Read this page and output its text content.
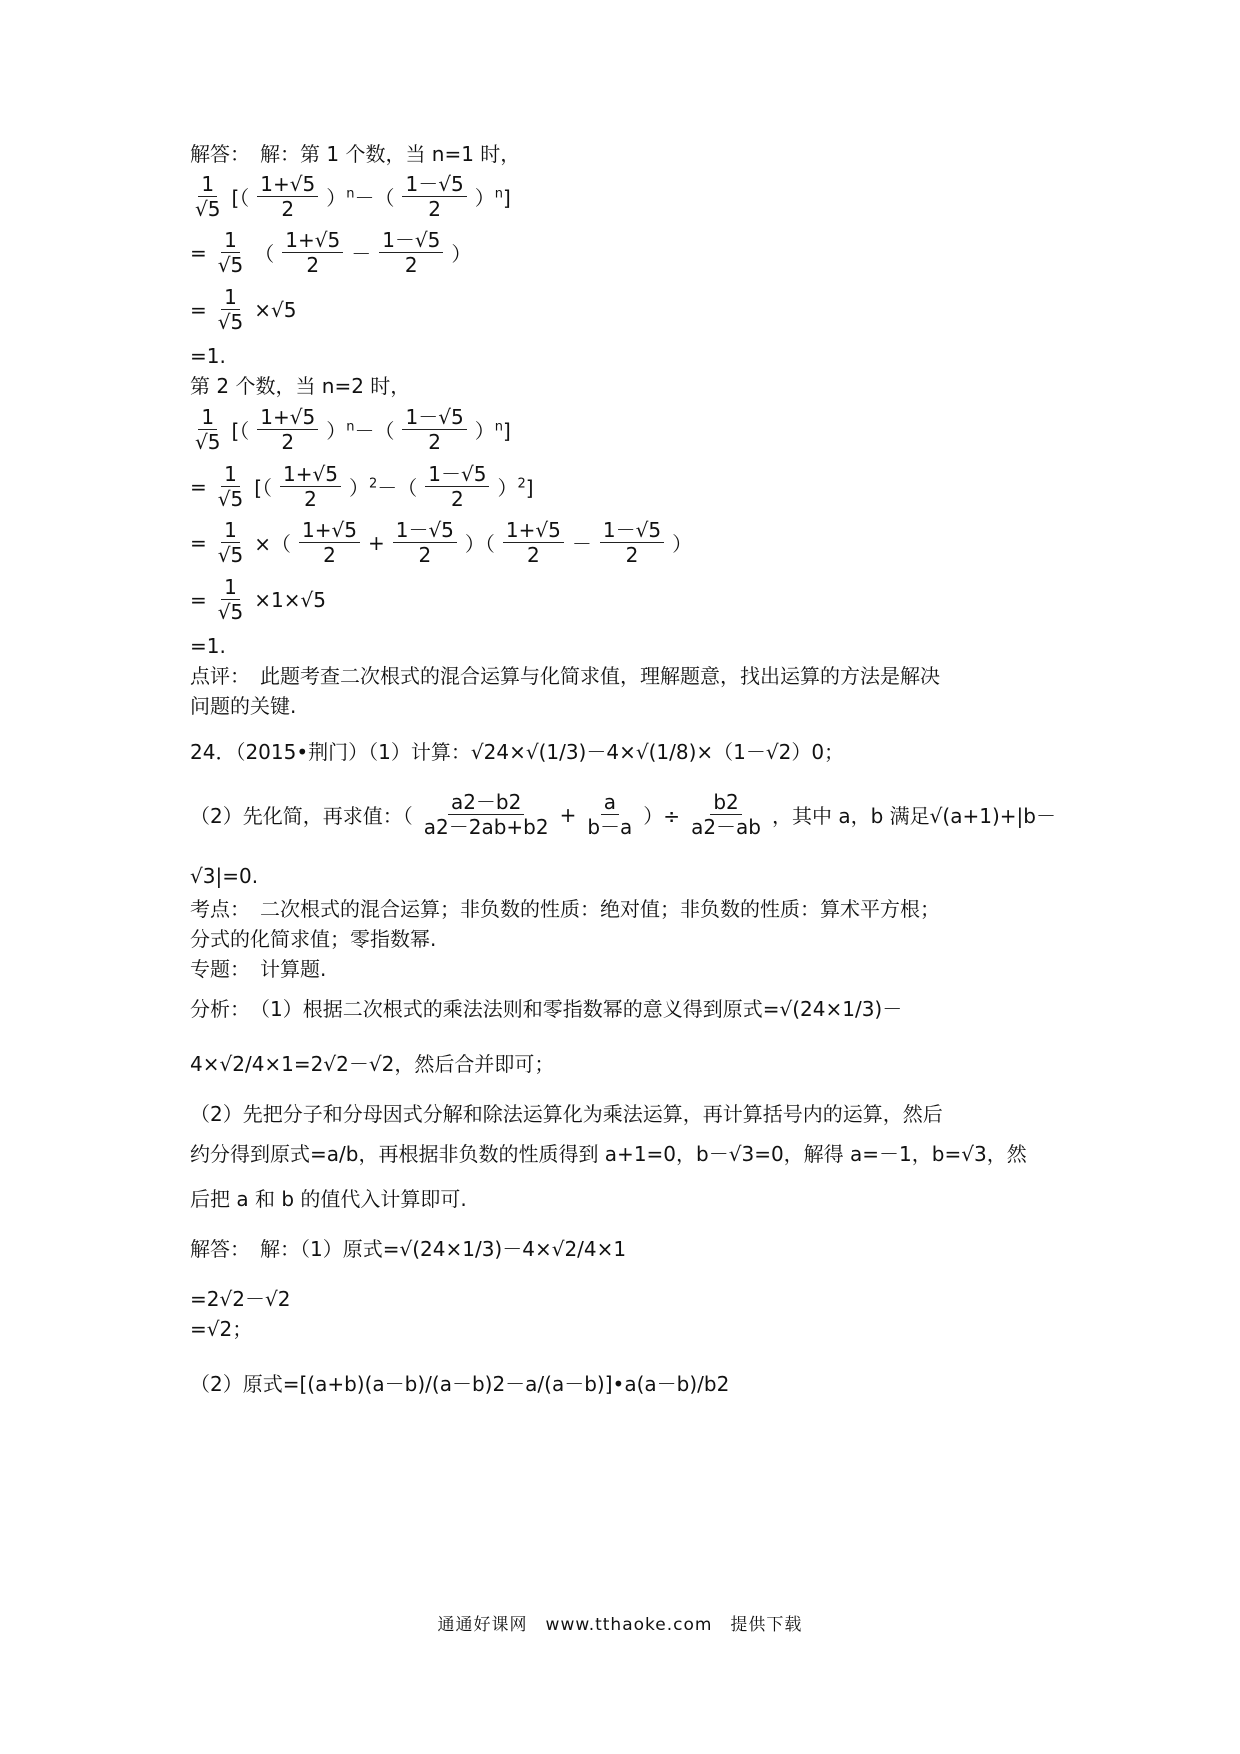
解答：　解：第 1 个数，当 n=1 时，
$\frac{1}{√5}$ [（ $\frac{1+√5}{2} )^n-( \frac{1-√5}{2} )^n$]
= $\frac{1}{√5}$ （ $\frac{1+√5}{2} - \frac{1-√5}{2}$ ）
= $\frac{1}{√5} \times√5$
=1.
第 2 个数，当 n=2 时，
$\frac{1}{√5}$ [（ $\frac{1+√5}{2} )^n-( \frac{1-√5}{2} )^n$]
= $\frac{1}{√5}$ [（ $\frac{1+√5}{2} )^2-( \frac{1-√5}{2} )^2$]
= $\frac{1}{√5}$ ×（ $\frac{1+√5}{2} + \frac{1-√5}{2}$ ）（ $\frac{1+√5}{2} - \frac{1-√5}{2}$ ）
= $\frac{1}{√5} \times 1\times√5$
=1.
点评：　此题考查二次根式的混合运算与化简求值，理解题意，找出运算的方法是解决
问题的关键.
24．（2015•荆门）（1）计算：√24×√(1/3)－4×√(1/8)×（1－√2）0；
（2）先化简，再求值：（ $\frac{a2-b2}{a2-2ab+b2} + \frac{a}{b-a}$ ）÷ $\frac{b2}{a2-ab}$ ，其中 a，b 满足√(a+1)+|b－
√3|=0.
考点：　二次根式的混合运算；非负数的性质：绝对值；非负数的性质：算术平方根；
分式的化简求值；零指数幂.
专题：　计算题.
分析：　（1）根据二次根式的乘法法则和零指数幂的意义得到原式=√(24×1/3)－
4×√2/4×1=2√2－√2，然后合并即可；
（2）先把分子和分母因式分解和除法运算化为乘法运算，再计算括号内的运算，然后
约分得到原式=a/b，再根据非负数的性质得到 a+1=0，b－√3=0，解得 a=－1，b=√3，然
后把 a 和 b 的值代入计算即可.
解答：　解：（1）原式=√(24×1/3)－4×√2/4×1
=2√2－√2
=√2；
（2）原式=[(a+b)(a－b)/(a－b)2－a/(a－b)]•a(a－b)/b2
通通好课网　www.tthaoke.com　提供下载
